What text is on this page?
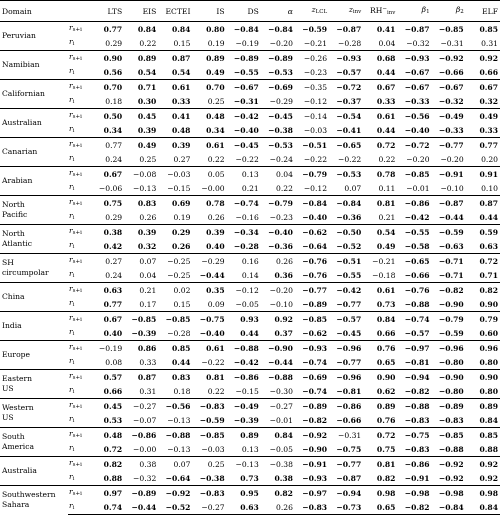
Domain		LTS	EIS	ECTEI	IS	DS	α	zLCL	zinv	RH−inv	β1	β2	ELF
Peruvian	rs+i	0.77	0.84	0.84	0.80	−0.84	−0.84	−0.59	−0.87	0.41	−0.87	−0.85	0.85
	ri	0.29	0.22	0.15	0.19	−0.19	−0.20	−0.21	−0.28	0.04	−0.32	−0.31	0.31
Namibian	rs+i	0.90	0.89	0.87	0.89	−0.89	−0.89	−0.26	−0.93	0.68	−0.93	−0.92	0.92
	ri	0.56	0.54	0.54	0.49	−0.55	−0.53	−0.23	−0.57	0.44	−0.67	−0.66	0.66
Californian	rs+i	0.70	0.71	0.61	0.70	−0.67	−0.69	−0.35	−0.72	0.67	−0.67	−0.67	0.67
	ri	0.18	0.30	0.33	0.25	−0.31	−0.29	−0.12	−0.37	0.33	−0.33	−0.32	0.32
Australian	rs+i	0.50	0.45	0.41	0.48	−0.42	−0.45	−0.14	−0.54	0.61	−0.56	−0.49	0.49
	ri	0.34	0.39	0.48	0.34	−0.40	−0.38	−0.03	−0.41	0.44	−0.40	−0.33	0.33
Canarian	rs+i	0.77	0.49	0.39	0.61	−0.45	−0.53	−0.51	−0.65	0.72	−0.72	−0.77	0.77
	ri	0.24	0.25	0.27	0.22	−0.22	−0.24	−0.22	−0.22	0.22	−0.20	−0.20	0.20
Arabian	rs+i	0.67	−0.08	−0.03	0.05	0.13	0.04	−0.79	−0.53	0.78	−0.85	−0.91	0.91
	ri	−0.06	−0.13	−0.15	−0.00	0.21	0.22	−0.12	0.07	0.11	−0.01	−0.10	0.10
North
Pacific	rs+i	0.75	0.83	0.69	0.78	−0.74	−0.79	−0.84	−0.84	0.81	−0.86	−0.87	0.87
	ri	0.29	0.26	0.19	0.26	−0.16	−0.23	−0.40	−0.36	0.21	−0.42	−0.44	0.44
North
Atlantic	rs+i	0.38	0.39	0.29	0.39	−0.34	−0.40	−0.62	−0.50	0.54	−0.55	−0.59	0.59
	ri	0.42	0.32	0.26	0.40	−0.28	−0.36	−0.64	−0.52	0.49	−0.58	−0.63	0.63
SH
circumpolar	rs+i	0.27	0.07	−0.25	−0.29	0.16	0.26	−0.76	−0.51	−0.21	−0.65	−0.71	0.72
	ri	0.24	0.04	−0.25	−0.44	0.14	0.36	−0.76	−0.55	−0.18	−0.66	−0.71	0.71
China	rs+i	0.63	0.21	0.02	0.35	−0.12	−0.20	−0.77	−0.42	0.61	−0.76	−0.82	0.82
	ri	0.77	0.17	0.15	0.09	−0.05	−0.10	−0.89	−0.77	0.73	−0.88	−0.90	0.90
India	rs+i	0.67	−0.85	−0.85	−0.75	0.93	0.92	−0.85	−0.57	0.84	−0.74	−0.79	0.79
	ri	0.40	−0.39	−0.28	−0.40	0.44	0.37	−0.62	−0.45	0.66	−0.57	−0.59	0.60
Europe	rs+i	−0.19	0.86	0.85	0.61	−0.88	−0.90	−0.93	−0.96	0.76	−0.97	−0.96	0.96
	ri	0.08	0.33	0.44	−0.22	−0.42	−0.44	−0.74	−0.77	0.65	−0.81	−0.80	0.80
Eastern
US	rs+i	0.57	0.87	0.83	0.81	−0.86	−0.88	−0.69	−0.96	0.90	−0.94	−0.90	0.90
	ri	0.66	0.31	0.18	0.22	−0.15	−0.30	−0.74	−0.81	0.62	−0.82	−0.80	0.80
Western
US	rs+i	0.45	−0.27	−0.56	−0.83	−0.49	−0.27	−0.89	−0.86	0.89	−0.88	−0.89	0.89
	ri	0.53	−0.07	−0.13	−0.59	−0.39	−0.01	−0.82	−0.66	0.76	−0.83	−0.83	0.84
South
America	rs+i	0.48	−0.86	−0.88	−0.85	0.89	0.84	−0.92	−0.31	0.72	−0.75	−0.85	0.85
	ri	0.72	−0.00	−0.13	−0.03	0.13	−0.05	−0.90	−0.75	0.75	−0.83	−0.88	0.88
Australia	rs+i	0.82	0.38	0.07	0.25	−0.13	−0.38	−0.91	−0.77	0.81	−0.86	−0.92	0.92
	ri	0.88	−0.32	−0.64	−0.38	0.73	0.38	−0.93	−0.87	0.82	−0.91	−0.92	0.92
Southwestern
Sahara	rs+i	0.97	−0.89	−0.92	−0.83	0.95	0.82	−0.97	−0.94	0.98	−0.98	−0.98	0.98
	ri	0.74	−0.44	−0.52	−0.27	0.63	0.26	−0.83	−0.73	0.65	−0.82	−0.84	0.84
